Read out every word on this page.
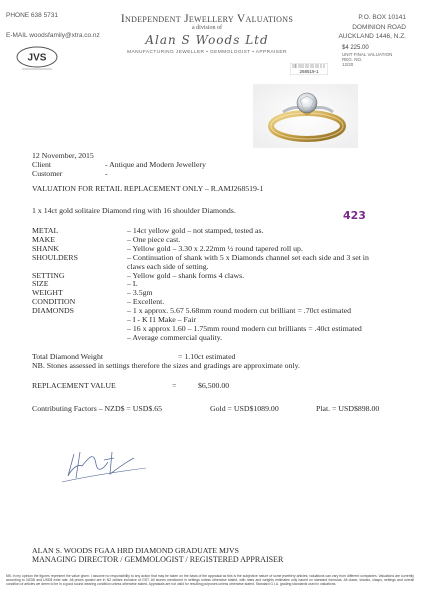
PHONE 638 5731
E-MAIL woodsfamily@xtra.co.nz
Independent Jewellery Valuations
a division of
Alan S Woods Ltd
MANUFACTURING JEWELLER • GEMMOLOGIST • APPRAISER
P.O. BOX 10141
DOMINION ROAD
AUCKLAND 1446, N.Z.
JVS
268519-1
$4 225.00
UNIT FINAL VALUATION
REG. NO.
12/20
12 November, 2015
Client	- Antique and Modern Jewellery
Customer	-
VALUATION FOR RETAIL REPLACEMENT ONLY – R.AMJ268519-1
1 x 14ct gold solitaire Diamond ring with 16 shoulder Diamonds.	423
METAL	– 14ct yellow gold – not stamped, tested as.
MAKE	– One piece cast.
SHANK	– Yellow gold – 3.30 x 2.22mm ½ round tapered roll up.
SHOULDERS	– Continuation of shank with 5 x Diamonds channel set each side and 3 set in
claws each side of setting.
SETTING	– Yellow gold – shank forms 4 claws.
SIZE	– L
WEIGHT	– 3.5gm
CONDITION	– Excellent.
DIAMONDS	– 1 x approx. 5.67 5.68mm round modern cut brilliant = .70ct estimated
– I - K I1 Make – Fair
– 16 x approx 1.60 – 1.75mm round modern cut brilliants = .40ct estimated
– Average commercial quality.
Total Diamond Weight	= 1.10ct estimated
NB. Stones assessed in settings therefore the sizes and gradings are approximate only.
REPLACEMENT VALUE	=	$6,500.00
Contributing Factors – NZD$ = USD$.65	Gold = USD$1089.00	Plat. = USD$898.00
ALAN S. WOODS FGAA HRD DIAMOND GRADUATE MJVS
MANAGING DIRECTOR / GEMMOLOGIST / REGISTERED APPRAISER
NB. In my opinion the figures represent the value given. I assume no responsibility to any action that may be taken on the basis of the appraisal as this is the subjective nature of some jewellery articles; valuations can vary from different companies. Valuations are currently according to NZD$ and USD$ exist rate. All prices quoted are in NZ dollars inclusive of GST. All stones mentioned in settings unless otherwise stated, with rates and weights estimates only based on standard formulas. All claws, shanks, clasps, settings and overall condition of articles we deem to be in a good sound wearing condition unless otherwise stated. Appraisals are not valid for resulting purposes unless otherwise stated. Standard G.I.A. grading standards used in valuations.
